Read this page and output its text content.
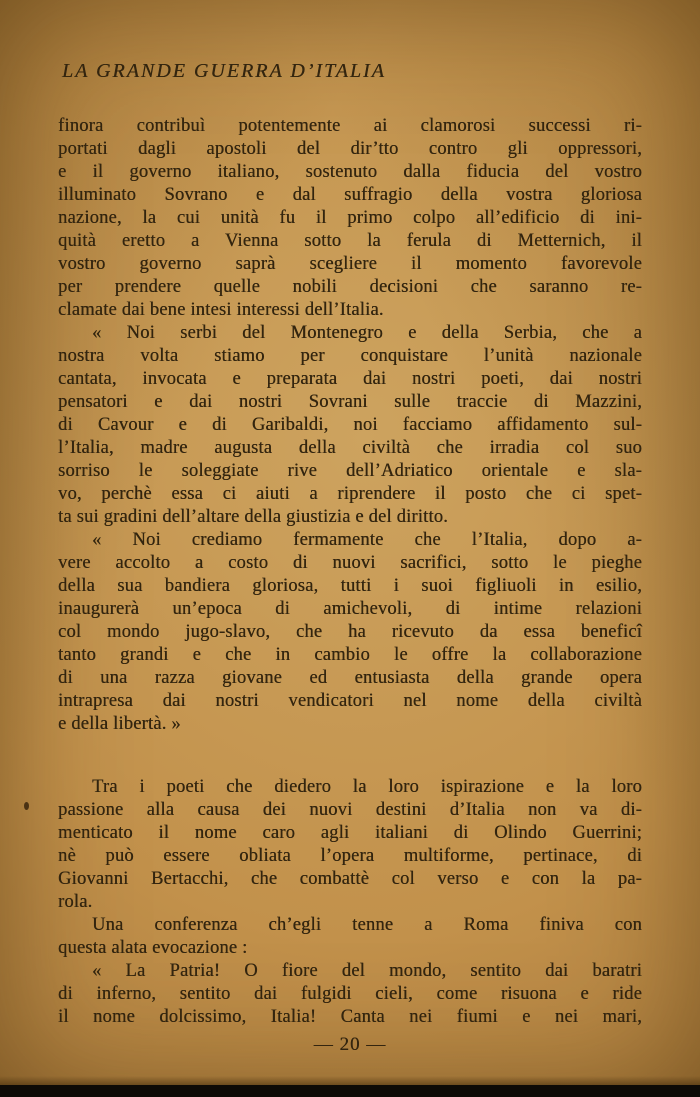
LA GRANDE GUERRA D’ITALIA
finora contribuì potentemente ai clamorosi successi ri-
portati dagli apostoli del dir’tto contro gli oppressori,
e il governo italiano, sostenuto dalla fiducia del vostro
illuminato Sovrano e dal suffragio della vostra gloriosa
nazione, la cui unità fu il primo colpo all’edificio di ini-
quità eretto a Vienna sotto la ferula di Metternich, il
vostro governo saprà scegliere il momento favorevole
per prendere quelle nobili decisioni che saranno re-
clamate dai bene intesi interessi dell’Italia.
« Noi serbi del Montenegro e della Serbia, che a
nostra volta stiamo per conquistare l’unità nazionale
cantata, invocata e preparata dai nostri poeti, dai nostri
pensatori e dai nostri Sovrani sulle traccie di Mazzini,
di Cavour e di Garibaldi, noi facciamo affidamento sul-
l’Italia, madre augusta della civiltà che irradia col suo
sorriso le soleggiate rive dell’Adriatico orientale e sla-
vo, perchè essa ci aiuti a riprendere il posto che ci spet-
ta sui gradini dell’altare della giustizia e del diritto.
« Noi crediamo fermamente che l’Italia, dopo a-
vere accolto a costo di nuovi sacrifici, sotto le pieghe
della sua bandiera gloriosa, tutti i suoi figliuoli in esilio,
inaugurerà un’epoca di amichevoli, di intime relazioni
col mondo jugo-slavo, che ha ricevuto da essa beneficî
tanto grandi e che in cambio le offre la collaborazione
di una razza giovane ed entusiasta della grande opera
intrapresa dai nostri vendicatori nel nome della civiltà
e della libertà. »
Tra i poeti che diedero la loro ispirazione e la loro
passione alla causa dei nuovi destini d’Italia non va di-
menticato il nome caro agli italiani di Olindo Guerrini;
nè può essere obliata l’opera multiforme, pertinace, di
Giovanni Bertacchi, che combattè col verso e con la pa-
rola.
Una conferenza ch’egli tenne a Roma finiva con
questa alata evocazione :
« La Patria! O fiore del mondo, sentito dai baratri
di inferno, sentito dai fulgidi cieli, come risuona e ride
il nome dolcissimo, Italia! Canta nei fiumi e nei mari,
— 20 —
